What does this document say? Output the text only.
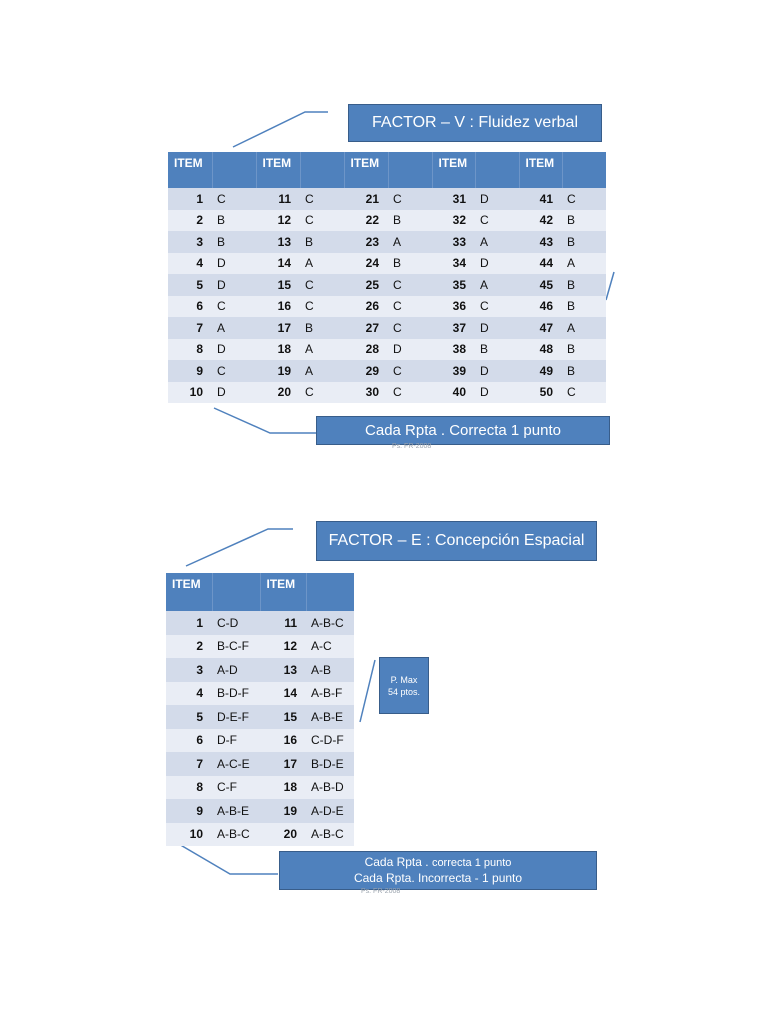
FACTOR – V : Fluidez verbal
ITEM		ITEM		ITEM		ITEM		ITEM	
1	C	11	C	21	C	31	D	41	C
2	B	12	C	22	B	32	C	42	B
3	B	13	B	23	A	33	A	43	B
4	D	14	A	24	B	34	D	44	A
5	D	15	C	25	C	35	A	45	B
6	C	16	C	26	C	36	C	46	B
7	A	17	B	27	C	37	D	47	A
8	D	18	A	28	D	38	B	48	B
9	C	19	A	29	C	39	D	49	B
10	D	20	C	30	C	40	D	50	C
Cada Rpta . Correcta 1 punto
Ps. FR-2008
FACTOR – E : Concepción Espacial
ITEM		ITEM	
1	C-D	11	A-B-C
2	B-C-F	12	A-C
3	A-D	13	A-B
4	B-D-F	14	A-B-F
5	D-E-F	15	A-B-E
6	D-F	16	C-D-F
7	A-C-E	17	B-D-E
8	C-F	18	A-B-D
9	A-B-E	19	A-D-E
10	A-B-C	20	A-B-C
P. Max
54 ptos.
Cada Rpta . correcta 1 punto
Cada Rpta. Incorrecta - 1 punto
Ps. FR-2008
